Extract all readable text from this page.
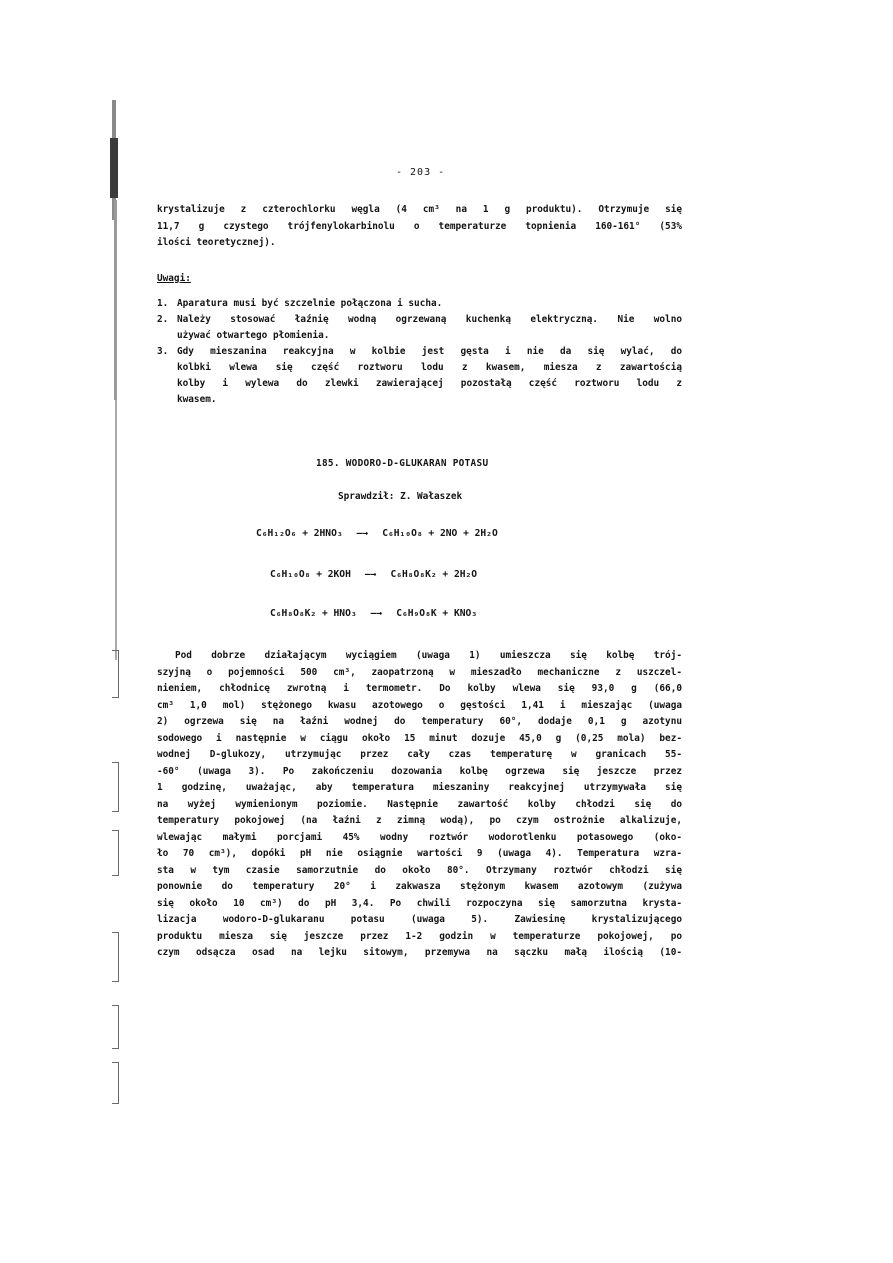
- 203 -
krystalizuje z czterochlorku węgla (4 cm³ na 1 g produktu). Otrzymuje się
11,7 g czystego trójfenylokarbinolu o temperaturze topnienia 160-161° (53%
ilości teoretycznej).
Uwagi:
1. Aparatura musi być szczelnie połączona i sucha.
2. Należy stosować łaźnię wodną ogrzewaną kuchenką elektryczną. Nie wolno
używać otwartego płomienia.
3. Gdy mieszanina reakcyjna w kolbie jest gęsta i nie da się wylać, do
kolbki wlewa się część roztworu lodu z kwasem, miesza z zawartością
kolby i wylewa do zlewki zawierającej pozostałą część roztworu lodu z
kwasem.
185. WODORO-D-GLUKARAN POTASU
Sprawdził: Z. Wałaszek
C₆H₁₂O₆ + 2HNO₃ —→ C₆H₁₀O₈ + 2NO + 2H₂O
C₆H₁₀O₈ + 2KOH —→ C₆H₈O₈K₂ + 2H₂O
C₆H₈O₈K₂ + HNO₃ —→ C₆H₉O₈K + KNO₃
Pod dobrze działającym wyciągiem (uwaga 1) umieszcza się kolbę trój-
szyjną o pojemności 500 cm³, zaopatrzoną w mieszadło mechaniczne z uszczel-
nieniem, chłodnicę zwrotną i termometr. Do kolby wlewa się 93,0 g (66,0
cm³ 1,0 mol) stężonego kwasu azotowego o gęstości 1,41 i mieszając (uwaga
2) ogrzewa się na łaźni wodnej do temperatury 60°, dodaje 0,1 g azotynu
sodowego i następnie w ciągu około 15 minut dozuje 45,0 g (0,25 mola) bez-
wodnej D-glukozy, utrzymując przez cały czas temperaturę w granicach 55-
-60° (uwaga 3). Po zakończeniu dozowania kolbę ogrzewa się jeszcze przez
1 godzinę, uważając, aby temperatura mieszaniny reakcyjnej utrzymywała się
na wyżej wymienionym poziomie. Następnie zawartość kolby chłodzi się do
temperatury pokojowej (na łaźni z zimną wodą), po czym ostrożnie alkalizuje,
wlewając małymi porcjami 45% wodny roztwór wodorotlenku potasowego (oko-
ło 70 cm³), dopóki pH nie osiągnie wartości 9 (uwaga 4). Temperatura wzra-
sta w tym czasie samorzutnie do około 80°. Otrzymany roztwór chłodzi się
ponownie do temperatury 20° i zakwasza stężonym kwasem azotowym (zużywa
się około 10 cm³) do pH 3,4. Po chwili rozpoczyna się samorzutna krysta-
lizacja wodoro-D-glukaranu potasu (uwaga 5). Zawiesinę krystalizującego
produktu miesza się jeszcze przez 1-2 godzin w temperaturze pokojowej, po
czym odsącza osad na lejku sitowym, przemywa na sączku małą ilością (10-
